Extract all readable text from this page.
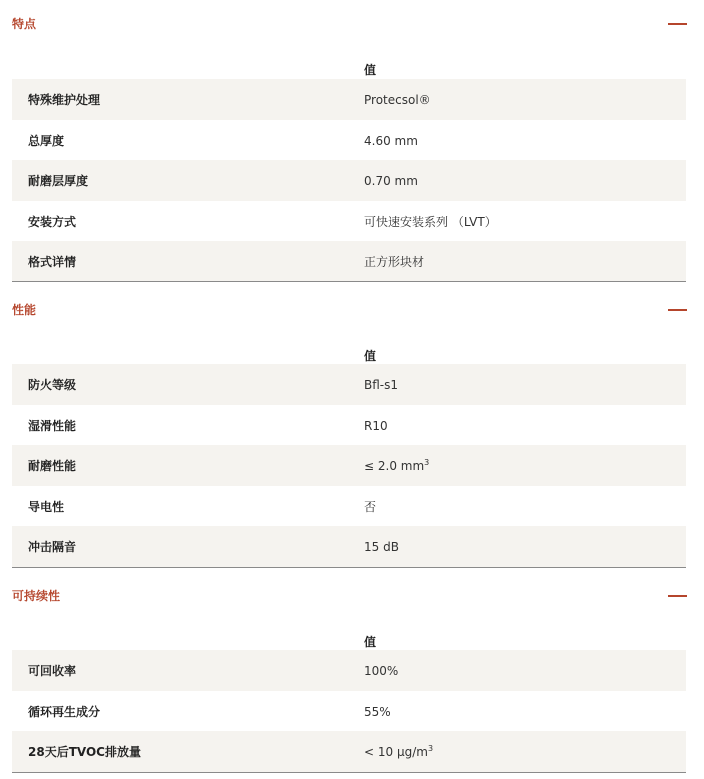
特点
值
特殊维护处理	Protecsol®
总厚度	4.60 mm
耐磨层厚度	0.70 mm
安装方式	可快速安装系列 （LVT）
格式详情	正方形块材
性能
值
防火等级	Bfl-s1
湿滑性能	R10
耐磨性能	≤ 2.0 $mm^3$
导电性	否
冲击隔音	15 dB
可持续性
值
可回收率	100%
循环再生成分	55%
28天后TVOC排放量	< 10 $\mu g/m^3$
